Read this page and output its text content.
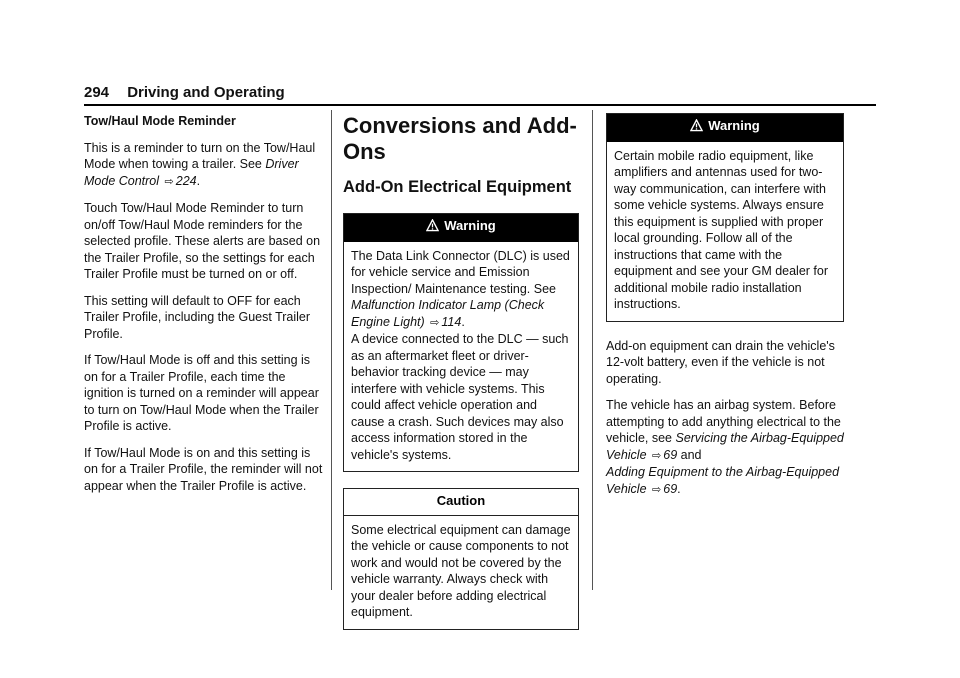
294 Driving and Operating

Tow/Haul Mode Reminder

This is a reminder to turn on the Tow/Haul Mode when towing a trailer. See Driver Mode Control ⇨ 224.

Touch Tow/Haul Mode Reminder to turn on/off Tow/Haul Mode reminders for the selected profile. These alerts are based on the Trailer Profile, so the settings for each Trailer Profile must be turned on or off.

This setting will default to OFF for each Trailer Profile, including the Guest Trailer Profile.

If Tow/Haul Mode is off and this setting is on for a Trailer Profile, each time the ignition is turned on a reminder will appear to turn on Tow/Haul Mode when the Trailer Profile is active.

If Tow/Haul Mode is on and this setting is on for a Trailer Profile, the reminder will not appear when the Trailer Profile is active.

Conversions and Add-Ons
Add-On Electrical Equipment
Warning
The Data Link Connector (DLC) is used for vehicle service and Emission Inspection/ Maintenance testing. See Malfunction Indicator Lamp (Check Engine Light) ⇨ 114.
A device connected to the DLC — such as an aftermarket fleet or driver-behavior tracking device — may interfere with vehicle systems. This could affect vehicle operation and cause a crash. Such devices may also access information stored in the vehicle's systems.
Caution
Some electrical equipment can damage the vehicle or cause components to not work and would not be covered by the vehicle warranty. Always check with your dealer before adding electrical equipment.
Warning
Certain mobile radio equipment, like amplifiers and antennas used for two-way communication, can interfere with some vehicle systems. Always ensure this equipment is supplied with proper local grounding. Follow all of the instructions that came with the equipment and see your GM dealer for additional mobile radio installation instructions.

Add-on equipment can drain the vehicle's 12-volt battery, even if the vehicle is not operating.

The vehicle has an airbag system. Before attempting to add anything electrical to the vehicle, see Servicing the Airbag-Equipped Vehicle ⇨ 69 and
Adding Equipment to the Airbag-Equipped Vehicle ⇨ 69.
